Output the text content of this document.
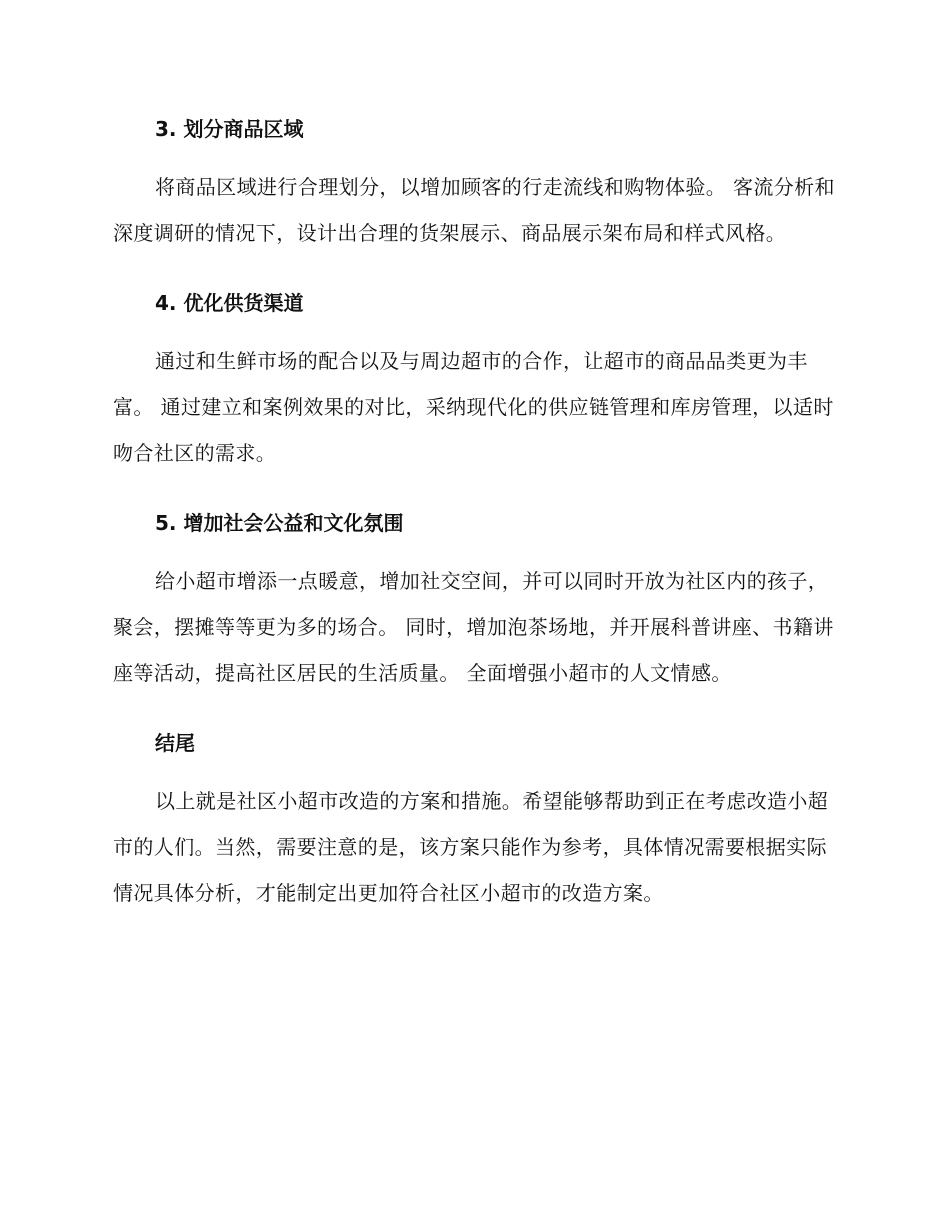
3. 划分商品区域

将商品区域进行合理划分，以增加顾客的行走流线和购物体验。 客流分析和深度调研的情况下，设计出合理的货架展示、商品展示架布局和样式风格。

4. 优化供货渠道

通过和生鲜市场的配合以及与周边超市的合作，让超市的商品品类更为丰富。 通过建立和案例效果的对比，采纳现代化的供应链管理和库房管理，以适时吻合社区的需求。

5. 增加社会公益和文化氛围

给小超市增添一点暖意，增加社交空间，并可以同时开放为社区内的孩子，聚会，摆摊等等更为多的场合。 同时，增加泡茶场地，并开展科普讲座、书籍讲座等活动，提高社区居民的生活质量。 全面增强小超市的人文情感。

结尾

以上就是社区小超市改造的方案和措施。希望能够帮助到正在考虑改造小超市的人们。当然，需要注意的是，该方案只能作为参考，具体情况需要根据实际情况具体分析，才能制定出更加符合社区小超市的改造方案。
